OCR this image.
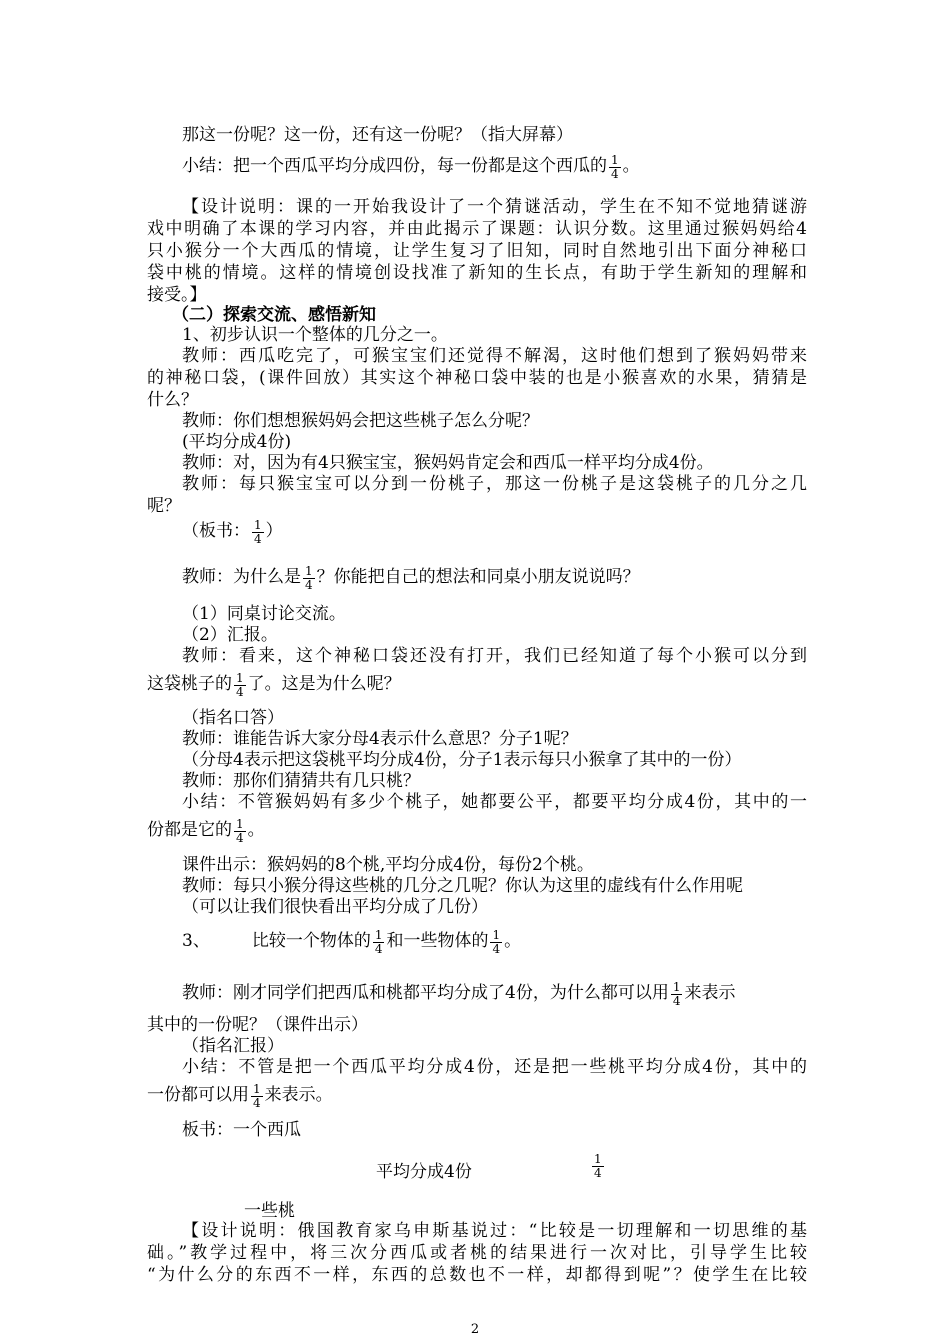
那这一份呢？这一份，还有这一份呢？（指大屏幕）
小结：把一个西瓜平均分成四份，每一份都是这个西瓜的 $\frac{1}{4}$ 。
【设计说明：课的一开始我设计了一个猜谜活动，学生在不知不觉地猜谜游
戏中明确了本课的学习内容，并由此揭示了课题：认识分数。这里通过猴妈妈给4
只小猴分一个大西瓜的情境，让学生复习了旧知，同时自然地引出下面分神秘口
袋中桃的情境。这样的情境创设找准了新知的生长点，有助于学生新知的理解和
接受。】
（二）探索交流、感悟新知
1、初步认识一个整体的几分之一。
教师：西瓜吃完了，可猴宝宝们还觉得不解渴，这时他们想到了猴妈妈带来
的神秘口袋，(课件回放）其实这个神秘口袋中装的也是小猴喜欢的水果，猜猜是
什么？
教师：你们想想猴妈妈会把这些桃子怎么分呢？
(平均分成4份)
教师：对，因为有4只猴宝宝，猴妈妈肯定会和西瓜一样平均分成4份。
教师：每只猴宝宝可以分到一份桃子，那这一份桃子是这袋桃子的几分之几
呢？
（板书： $\frac{1}{4}$ ）
教师：为什么是 $\frac{1}{4}$ ？你能把自己的想法和同桌小朋友说说吗？
（1）同桌讨论交流。
（2）汇报。
教师：看来，这个神秘口袋还没有打开，我们已经知道了每个小猴可以分到
这袋桃子的 $\frac{1}{4}$ 了。这是为什么呢？
（指名口答）
教师：谁能告诉大家分母4表示什么意思？分子1呢？
（分母4表示把这袋桃平均分成4份，分子1表示每只小猴拿了其中的一份）
教师：那你们猜猜共有几只桃？
小结：不管猴妈妈有多少个桃子，她都要公平，都要平均分成4份，其中的一
份都是它的 $\frac{1}{4}$ 。
课件出示：猴妈妈的8个桃,平均分成4份，每份2个桃。
教师：每只小猴分得这些桃的几分之几呢？你认为这里的虚线有什么作用呢
（可以让我们很快看出平均分成了几份）
3、 比较一个物体的 $\frac{1}{4}$ 和一些物体的 $\frac{1}{4}$ 。
教师：刚才同学们把西瓜和桃都平均分成了4份，为什么都可以用 $\frac{1}{4}$ 来表示
其中的一份呢？（课件出示）
（指名汇报）
小结：不管是把一个西瓜平均分成4份，还是把一些桃平均分成4份，其中的
一份都可以用 $\frac{1}{4}$ 来表示。
板书：一个西瓜
平均分成4份	$\frac{1}{4}$
一些桃
【设计说明：俄国教育家乌申斯基说过：“比较是一切理解和一切思维的基
础。”教学过程中，将三次分西瓜或者桃的结果进行一次对比，引导学生比较
“为什么分的东西不一样，东西的总数也不一样，却都得到呢”？使学生在比较
2
